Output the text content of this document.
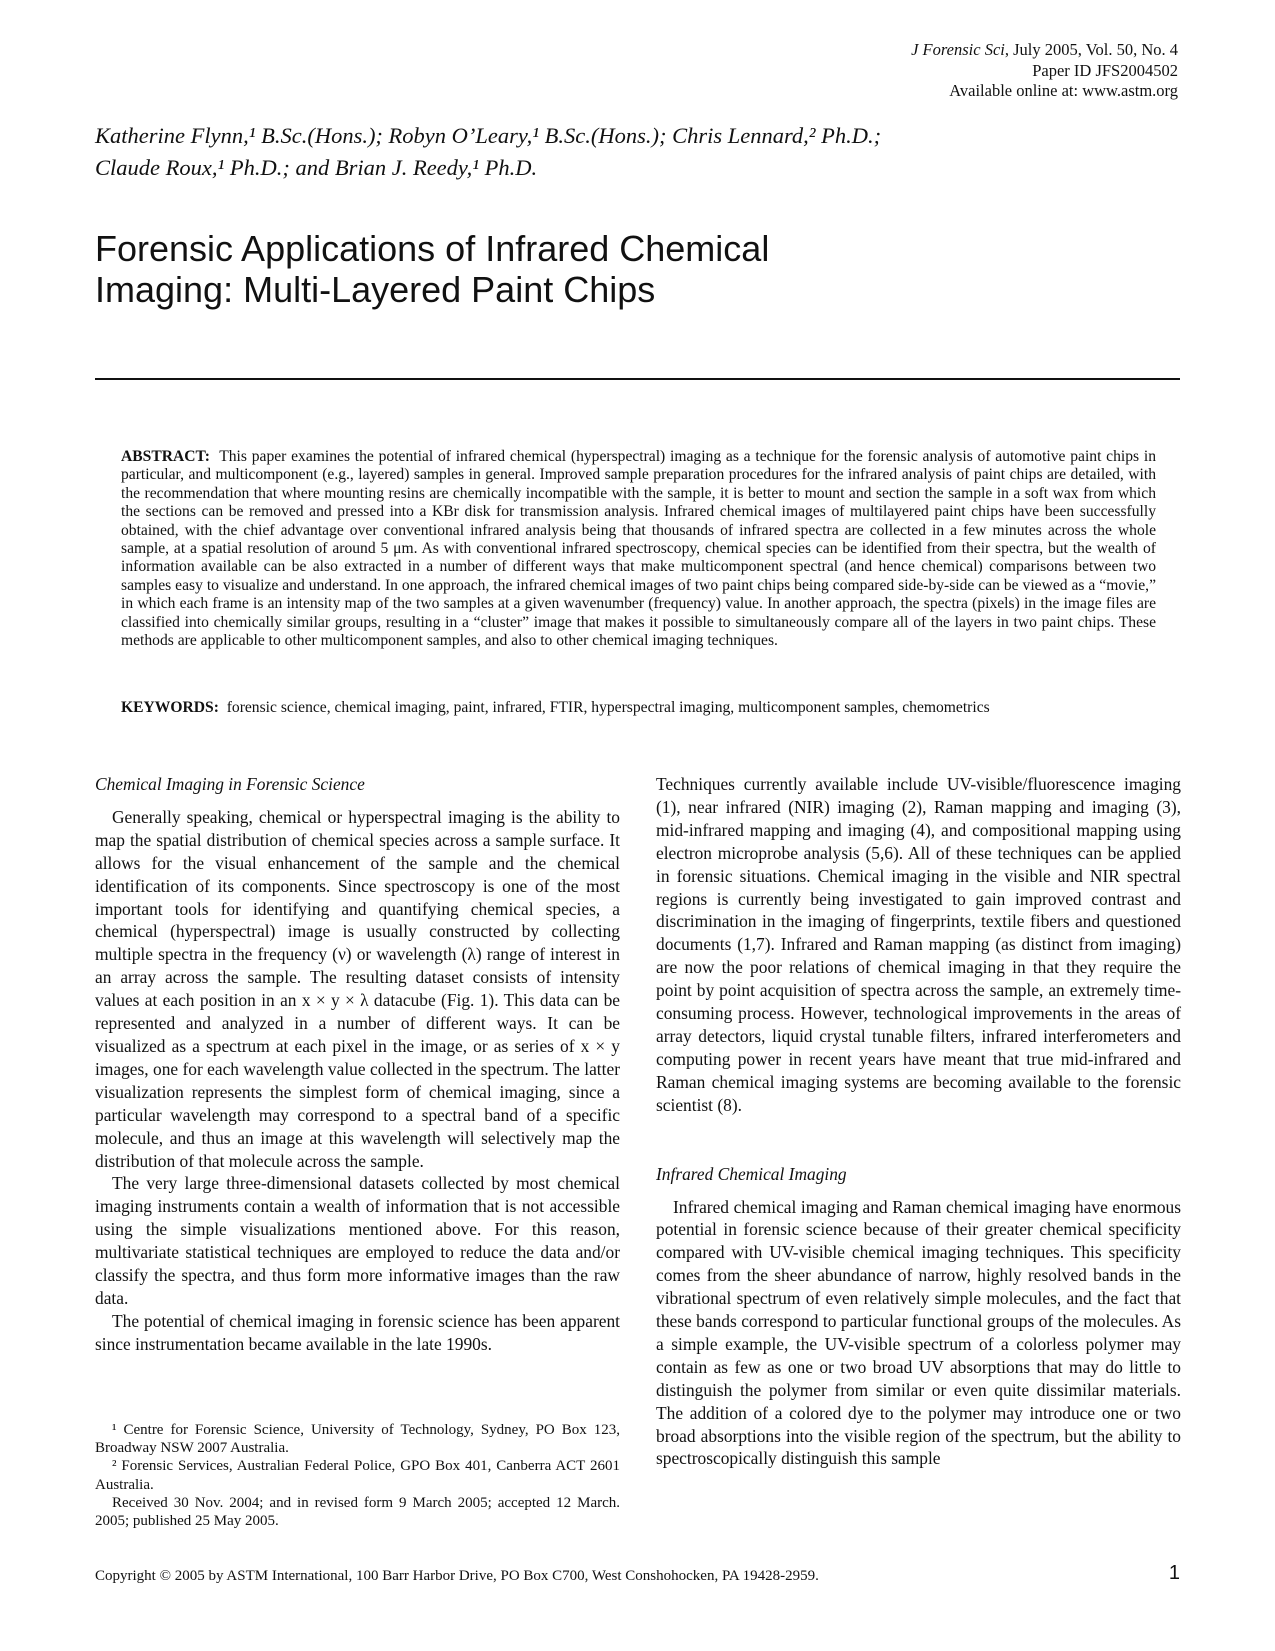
J Forensic Sci, July 2005, Vol. 50, No. 4
Paper ID JFS2004502
Available online at: www.astm.org
Katherine Flynn,¹ B.Sc.(Hons.); Robyn O’Leary,¹ B.Sc.(Hons.); Chris Lennard,² Ph.D.;
Claude Roux,¹ Ph.D.; and Brian J. Reedy,¹ Ph.D.
Forensic Applications of Infrared Chemical
Imaging: Multi-Layered Paint Chips
ABSTRACT: This paper examines the potential of infrared chemical (hyperspectral) imaging as a technique for the forensic analysis of automotive paint chips in particular, and multicomponent (e.g., layered) samples in general. Improved sample preparation procedures for the infrared analysis of paint chips are detailed, with the recommendation that where mounting resins are chemically incompatible with the sample, it is better to mount and section the sample in a soft wax from which the sections can be removed and pressed into a KBr disk for transmission analysis. Infrared chemical images of multilayered paint chips have been successfully obtained, with the chief advantage over conventional infrared analysis being that thousands of infrared spectra are collected in a few minutes across the whole sample, at a spatial resolution of around 5 μm. As with conventional infrared spectroscopy, chemical species can be identified from their spectra, but the wealth of information available can be also extracted in a number of different ways that make multicomponent spectral (and hence chemical) comparisons between two samples easy to visualize and understand. In one approach, the infrared chemical images of two paint chips being compared side-by-side can be viewed as a “movie,” in which each frame is an intensity map of the two samples at a given wavenumber (frequency) value. In another approach, the spectra (pixels) in the image files are classified into chemically similar groups, resulting in a “cluster” image that makes it possible to simultaneously compare all of the layers in two paint chips. These methods are applicable to other multicomponent samples, and also to other chemical imaging techniques.
KEYWORDS: forensic science, chemical imaging, paint, infrared, FTIR, hyperspectral imaging, multicomponent samples, chemometrics
Chemical Imaging in Forensic Science

Generally speaking, chemical or hyperspectral imaging is the ability to map the spatial distribution of chemical species across a sample surface. It allows for the visual enhancement of the sample and the chemical identification of its components. Since spectroscopy is one of the most important tools for identifying and quantifying chemical species, a chemical (hyperspectral) image is usually constructed by collecting multiple spectra in the frequency (ν) or wavelength (λ) range of interest in an array across the sample. The resulting dataset consists of intensity values at each position in an x × y × λ datacube (Fig. 1). This data can be represented and analyzed in a number of different ways. It can be visualized as a spectrum at each pixel in the image, or as series of x × y images, one for each wavelength value collected in the spectrum. The latter visualization represents the simplest form of chemical imaging, since a particular wavelength may correspond to a spectral band of a specific molecule, and thus an image at this wavelength will selectively map the distribution of that molecule across the sample.

The very large three-dimensional datasets collected by most chemical imaging instruments contain a wealth of information that is not accessible using the simple visualizations mentioned above. For this reason, multivariate statistical techniques are employed to reduce the data and/or classify the spectra, and thus form more informative images than the raw data.

The potential of chemical imaging in forensic science has been apparent since instrumentation became available in the late 1990s.

¹ Centre for Forensic Science, University of Technology, Sydney, PO Box 123, Broadway NSW 2007 Australia.

² Forensic Services, Australian Federal Police, GPO Box 401, Canberra ACT 2601 Australia.

Received 30 Nov. 2004; and in revised form 9 March 2005; accepted 12 March. 2005; published 25 May 2005.

Techniques currently available include UV-visible/fluorescence imaging (1), near infrared (NIR) imaging (2), Raman mapping and imaging (3), mid-infrared mapping and imaging (4), and compositional mapping using electron microprobe analysis (5,6). All of these techniques can be applied in forensic situations. Chemical imaging in the visible and NIR spectral regions is currently being investigated to gain improved contrast and discrimination in the imaging of fingerprints, textile fibers and questioned documents (1,7). Infrared and Raman mapping (as distinct from imaging) are now the poor relations of chemical imaging in that they require the point by point acquisition of spectra across the sample, an extremely time-consuming process. However, technological improvements in the areas of array detectors, liquid crystal tunable filters, infrared interferometers and computing power in recent years have meant that true mid-infrared and Raman chemical imaging systems are becoming available to the forensic scientist (8).

Infrared Chemical Imaging

Infrared chemical imaging and Raman chemical imaging have enormous potential in forensic science because of their greater chemical specificity compared with UV-visible chemical imaging techniques. This specificity comes from the sheer abundance of narrow, highly resolved bands in the vibrational spectrum of even relatively simple molecules, and the fact that these bands correspond to particular functional groups of the molecules. As a simple example, the UV-visible spectrum of a colorless polymer may contain as few as one or two broad UV absorptions that may do little to distinguish the polymer from similar or even quite dissimilar materials. The addition of a colored dye to the polymer may introduce one or two broad absorptions into the visible region of the spectrum, but the ability to spectroscopically distinguish this sample

Copyright © 2005 by ASTM International, 100 Barr Harbor Drive, PO Box C700, West Conshohocken, PA 19428-2959.	1
